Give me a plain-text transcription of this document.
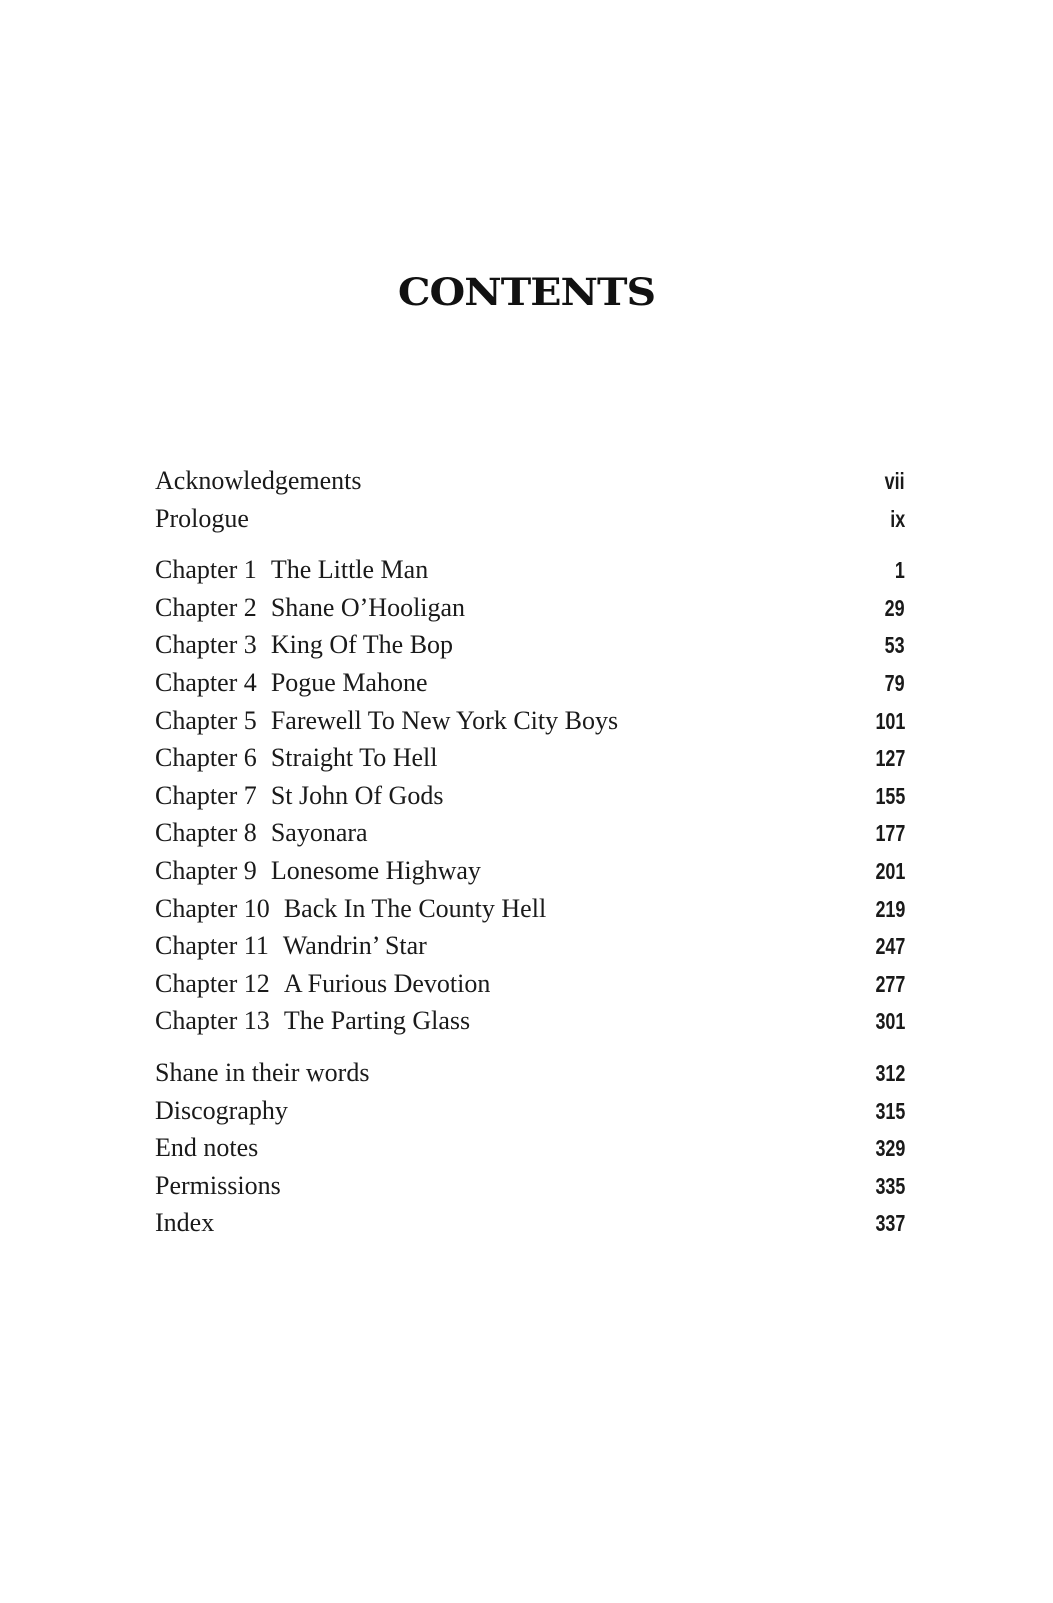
CONTENTS
Acknowledgements	vii
Prologue	ix
Chapter 1 The Little Man	1
Chapter 2 Shane O’Hooligan	29
Chapter 3 King Of The Bop	53
Chapter 4 Pogue Mahone	79
Chapter 5 Farewell To New York City Boys	101
Chapter 6 Straight To Hell	127
Chapter 7 St John Of Gods	155
Chapter 8 Sayonara	177
Chapter 9 Lonesome Highway	201
Chapter 10 Back In The County Hell	219
Chapter 11 Wandrin’ Star	247
Chapter 12 A Furious Devotion	277
Chapter 13 The Parting Glass	301
Shane in their words	312
Discography	315
End notes	329
Permissions	335
Index	337
